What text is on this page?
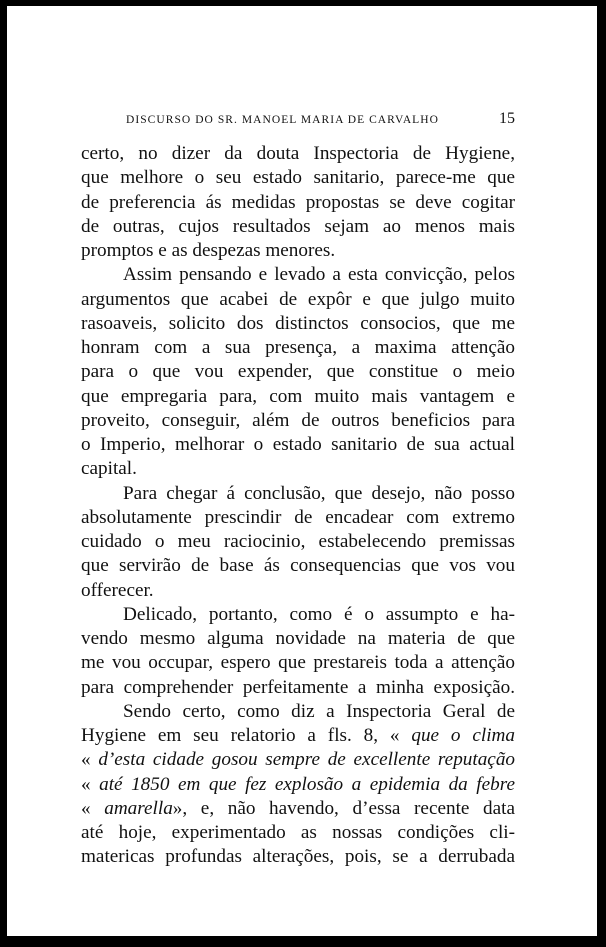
DISCURSO DO SR. MANOEL MARIA DE CARVALHO	15
certo, no dizer da douta Inspectoria de Hygiene,
que melhore o seu estado sanitario, parece-me que
de preferencia ás medidas propostas se deve cogitar
de outras, cujos resultados sejam ao menos mais
promptos e as despezas menores.
Assim pensando e levado a esta convicção, pelos
argumentos que acabei de expôr e que julgo muito
rasoaveis, solicito dos distinctos consocios, que me
honram com a sua presença, a maxima attenção
para o que vou expender, que constitue o meio
que empregaria para, com muito mais vantagem e
proveito, conseguir, além de outros beneficios para
o Imperio, melhorar o estado sanitario de sua actual
capital.
Para chegar á conclusão, que desejo, não posso
absolutamente prescindir de encadear com extremo
cuidado o meu raciocinio, estabelecendo premissas
que servirão de base ás consequencias que vos vou
offerecer.
Delicado, portanto, como é o assumpto e ha-
vendo mesmo alguma novidade na materia de que
me vou occupar, espero que prestareis toda a attenção
para comprehender perfeitamente a minha exposição.
Sendo certo, como diz a Inspectoria Geral de
Hygiene em seu relatorio a fls. 8, « que o clima
« d’esta cidade gosou sempre de excellente reputação
« até 1850 em que fez explosão a epidemia da febre
« amarella», e, não havendo, d’essa recente data
até hoje, experimentado as nossas condições cli-
matericas profundas alterações, pois, se a derrubada
